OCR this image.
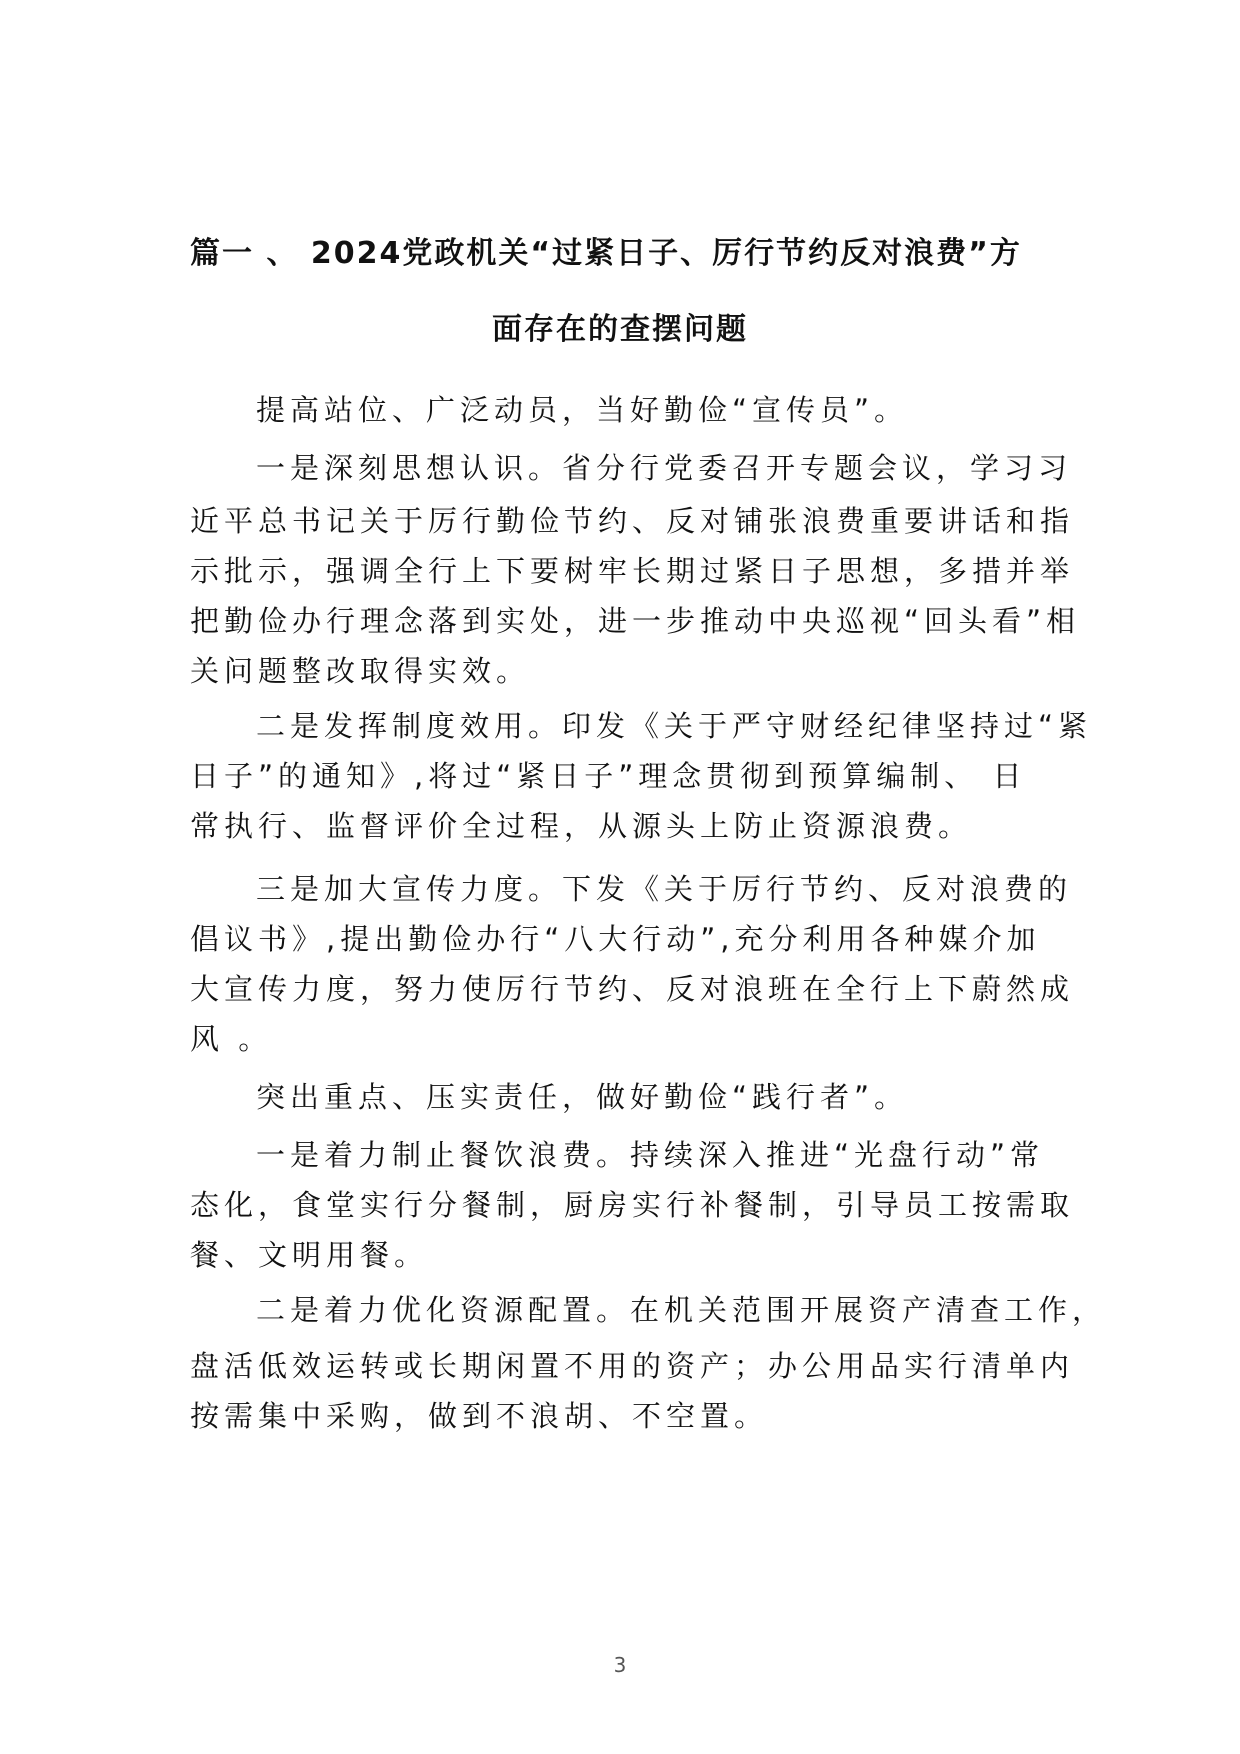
篇一 、 2024党政机关“过紧日子、厉行节约反对浪费”方
面存在的查摆问题
提高站位、广泛动员，当好勤俭“宣传员”。
一是深刻思想认识。省分行党委召开专题会议，学习习
近平总书记关于厉行勤俭节约、反对铺张浪费重要讲话和指
示批示，强调全行上下要树牢长期过紧日子思想，多措并举
把勤俭办行理念落到实处，进一步推动中央巡视“回头看”相
关问题整改取得实效。
二是发挥制度效用。印发《关于严守财经纪律坚持过“紧
日子”的通知》,将过“紧日子”理念贯彻到预算编制、 日
常执行、监督评价全过程，从源头上防止资源浪费。
三是加大宣传力度。下发《关于厉行节约、反对浪费的
倡议书》,提出勤俭办行“八大行动”,充分利用各种媒介加
大宣传力度，努力使厉行节约、反对浪班在全行上下蔚然成
风 。
突出重点、压实责任，做好勤俭“践行者”。
一是着力制止餐饮浪费。持续深入推进“光盘行动”常
态化，食堂实行分餐制，厨房实行补餐制，引导员工按需取
餐、文明用餐。
二是着力优化资源配置。在机关范围开展资产清查工作，
盘活低效运转或长期闲置不用的资产；办公用品实行清单内
按需集中采购，做到不浪胡、不空置。
3
